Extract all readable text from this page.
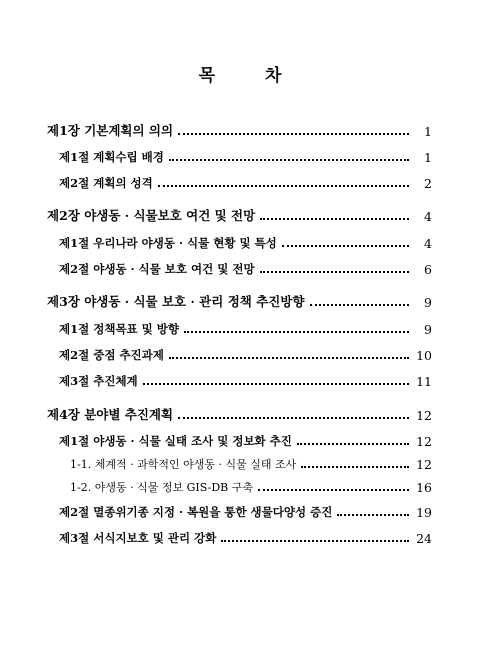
목 차
제1장 기본계획의 의의	1
제1절 계획수립 배경	1
제2절 계획의 성격	2
제2장 야생동 · 식물보호 여건 및 전망	4
제1절 우리나라 야생동 · 식물 현황 및 특성	4
제2절 야생동 · 식물 보호 여건 및 전망	6
제3장 야생동 · 식물 보호 · 관리 정책 추진방향	9
제1절 정책목표 및 방향	9
제2절 중점 추진과제	10
제3절 추진체계	11
제4장 분야별 추진계획	12
제1절 야생동 · 식물 실태 조사 및 정보화 추진	12
1-1. 체계적 · 과학적인 야생동 · 식물 실태 조사	12
1-2. 야생동 · 식물 정보 GIS-DB 구축	16
제2절 멸종위기종 지정 · 복원을 통한 생물다양성 증진	19
제3절 서식지보호 및 관리 강화	24
